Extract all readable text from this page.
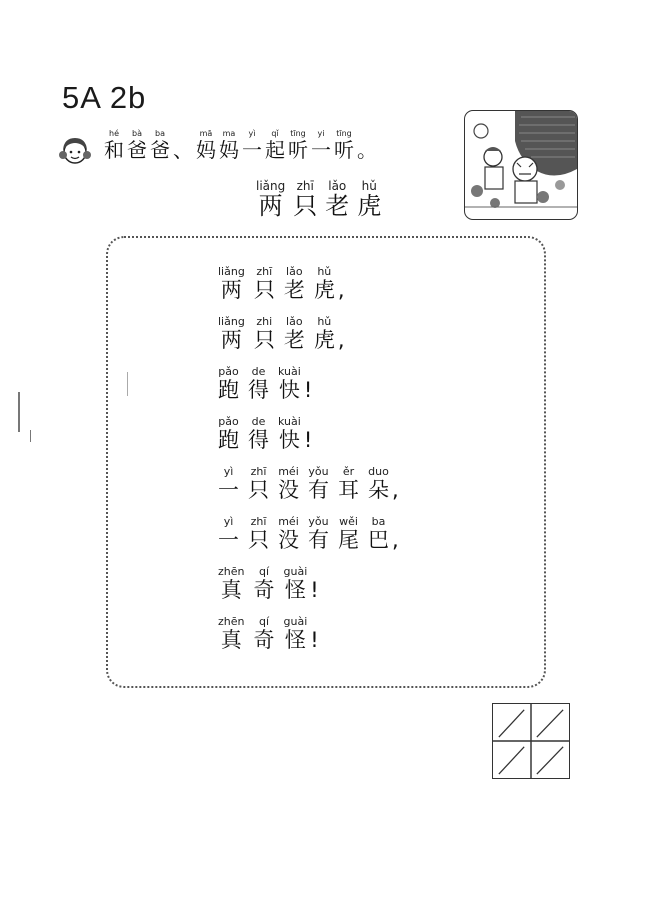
5A 2b
hé
和
bà
爸
ba
爸
、
mā
妈
ma
妈
yì
一
qǐ
起
tīng
听
yi
一
tīng
听
。
liǎng
两
zhī
只
lǎo
老
hǔ
虎
liǎng
两
zhī
只
lǎo
老
hǔ
虎 ,
liǎng
两
zhi
只
lǎo
老
hǔ
虎 ,
pǎo
跑
de
得
kuài
快 !
pǎo
跑
de
得
kuài
快 !
yì
一
zhī
只
méi
没
yǒu
有
ěr
耳
duo
朵 ,
yì
一
zhī
只
méi
没
yǒu
有
wěi
尾
ba
巴 ,
zhēn
真
qí
奇
guài
怪 !
zhēn
真
qí
奇
guài
怪 !
